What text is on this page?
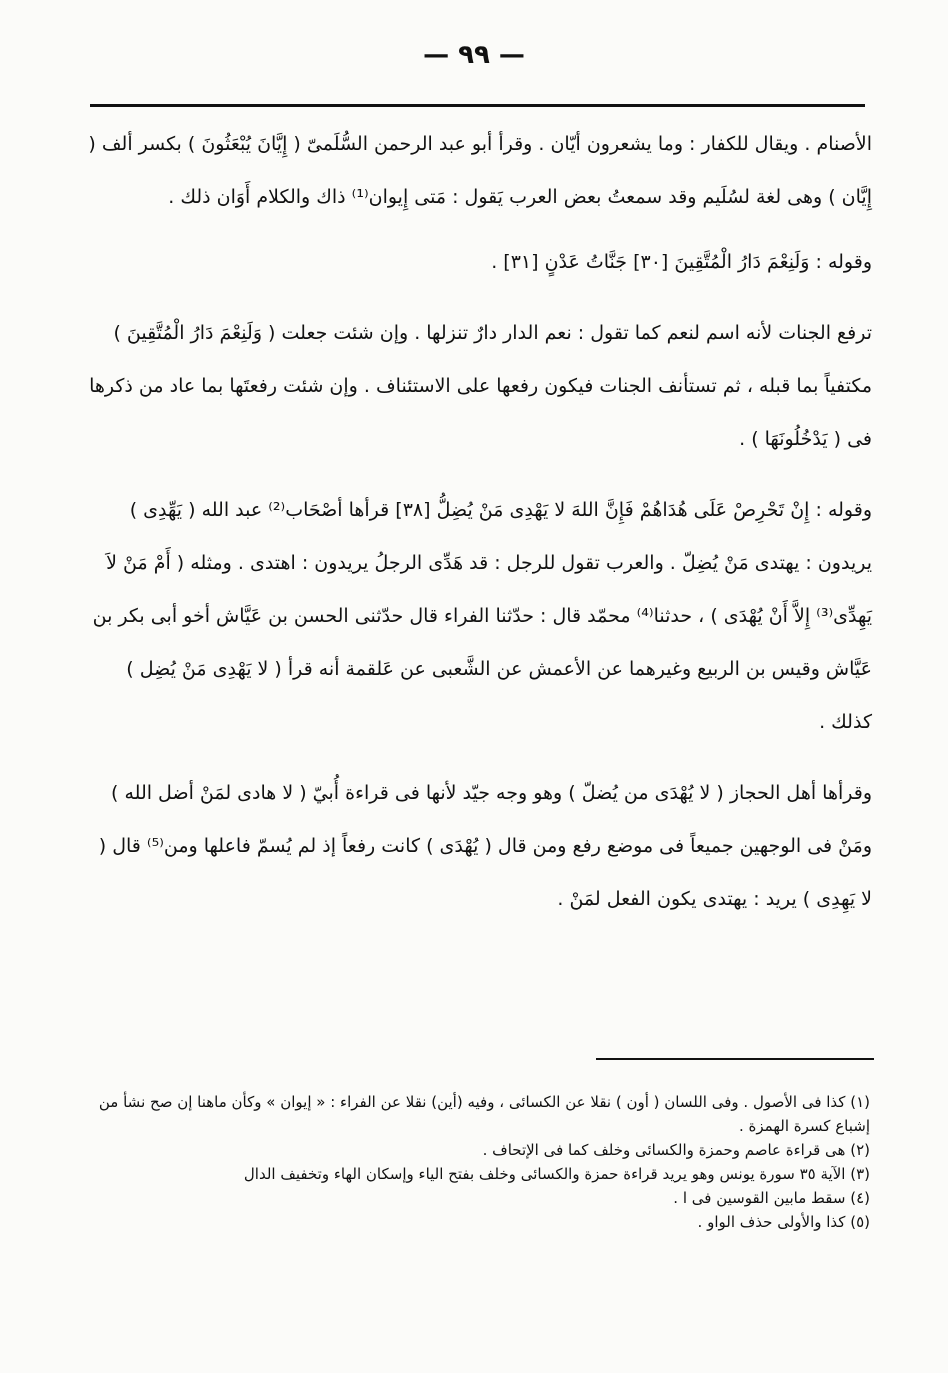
— ٩٩ —

الأصنام . ويقال للكفار : وما يشعرون أيّان . وقرأ أبو عبد الرحمن السُّلَمىّ ( إِيَّانَ يُبْعَثُونَ ) بكسر ألف ( إِيَّان ) وهى لغة لسُلَيم وقد سمعتُ بعض العرب يَقول : مَتى إِيوان⁽¹⁾ ذاك والكلام أَوَان ذلك .

وقوله : وَلَنِعْمَ دَارُ الْمُتَّقِينَ [٣٠] جَنَّاتُ عَدْنٍ [٣١] .

ترفع الجنات لأنه اسم لنعم كما تقول : نعم الدار دارٌ تنزلها . وإن شئت جعلت ( وَلَنِعْمَ دَارُ الْمُتَّقِينَ ) مكتفياً بما قبله ، ثم تستأنف الجنات فيكون رفعها على الاستئناف . وإن شئت رفعتَها بما عاد من ذكرها فى ( يَدْخُلُونَهَا ) .

وقوله : إِنْ تَحْرِصْ عَلَى هُدَاهُمْ فَإِنَّ اللهَ لا يَهْدِى مَنْ يُضِلُّ [٣٨] قرأها أصْحَاب⁽²⁾ عبد الله ( يَهِّدِى ) يريدون : يهتدى مَنْ يُضِلّ . والعرب تقول للرجل : قد هَدِّى الرجلُ يريدون : اهتدى . ومثله ( أَمْ مَنْ لاَ يَهِدِّى⁽³⁾ إِلاَّ أَنْ يُهْدَى ) ، حدثنا⁽⁴⁾ محمّد قال : حدّثنا الفراء قال حدّثنى الحسن بن عَيَّاش أخو أبى بكر بن عَيَّاش وقيس بن الربيع وغيرهما عن الأعمش عن الشَّعبى عن عَلقمة أنه قرأ ( لا يَهْدِى مَنْ يُضِل ) كذلك .

وقرأها أهل الحجاز ( لا يُهْدَى من يُضلّ ) وهو وجه جيّد لأنها فى قراءة أُبيّ ( لا هادى لمَنْ أضل الله ) ومَنْ فى الوجهين جميعاً فى موضع رفع ومن قال ( يُهْدَى ) كانت رفعاً إذ لم يُسمّ فاعلها ومن⁽⁵⁾ قال ( لا يَهِدِى ) يريد : يهتدى يكون الفعل لمَنْ .

(١) كذا فى الأصول . وفى اللسان ( أون ) نقلا عن الكسائى ، وفيه (أين) نقلا عن الفراء : « إيوان » وكأن ماهنا إن صح نشأ من إشباع كسرة الهمزة .

(٢) هى قراءة عاصم وحمزة والكسائى وخلف كما فى الإتحاف .

(٣) الآية ٣٥ سورة يونس وهو يريد قراءة حمزة والكسائى وخلف بفتح الياء وإسكان الهاء وتخفيف الدال

(٤) سقط مابين القوسين فى ا .

(٥) كذا والأولى حذف الواو .
